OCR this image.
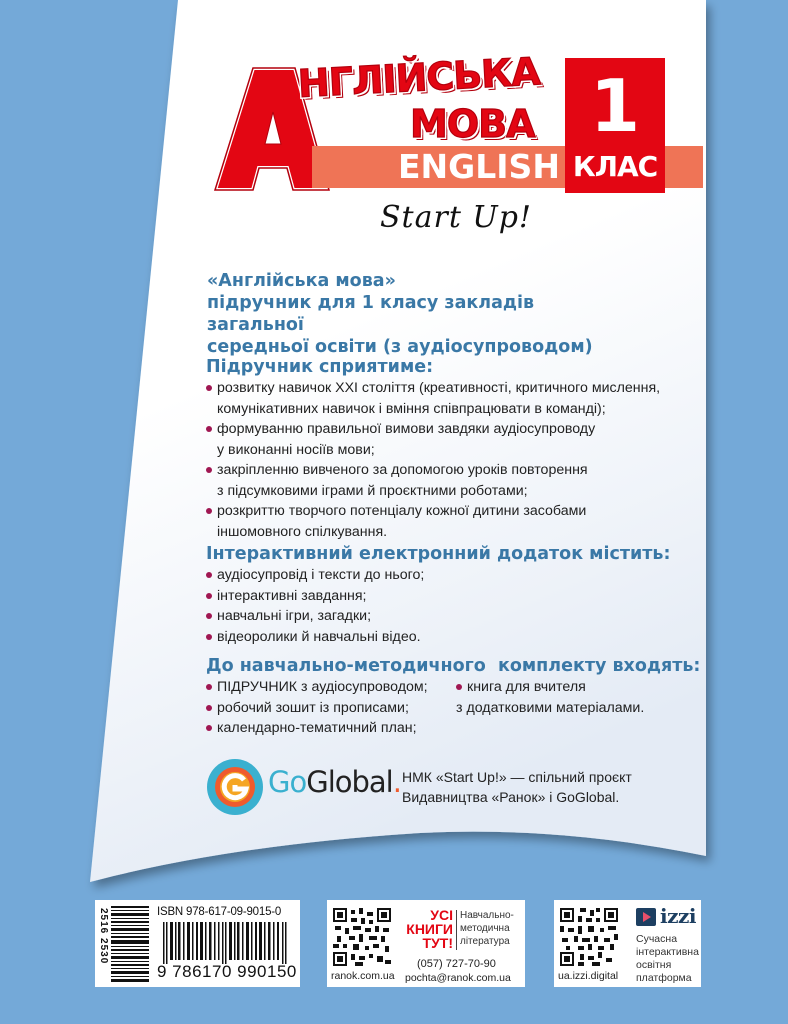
НГЛІЙСЬКА
МОВА
ENGLISH
1
КЛАС
Start Up!
«Англійська мова»
підручник для 1 класу закладів загальної
середньої освіти (з аудіосупроводом)
Підручник сприятиме:
розвитку навичок XXI століття (креативності, критичного мислення,
комунікативних навичок і вміння співпрацювати в команді);
формуванню правильної вимови завдяки аудіосупроводу
у виконанні носіїв мови;
закріпленню вивченого за допомогою уроків повторення
з підсумковими іграми й проєктними роботами;
розкриттю творчого потенціалу кожної дитини засобами
іншомовного спілкування.
Інтерактивний електронний додаток містить:
аудіосупровід і тексти до нього;
інтерактивні завдання;
навчальні ігри, загадки;
відеоролики й навчальні відео.
До навчально-методичного  комплекту входять:
ПІДРУЧНИК з аудіосупроводом;
робочий зошит із прописами;
календарно-тематичний план;
книга для вчителя
з додатковими матеріалами.
GoGlobal. НМК «Start Up!» — спільний проєкт
Видавництва «Ранок» і GoGlobal.
2516 2530	ISBN 978-617-09-9015-0
9 786170 990150
УСІ
КНИГИ
ТУТ!
Навчально-
методична
література
(057) 727-70-90
ranok.com.ua pochta@ranok.com.ua
izzi
Сучасна
інтерактивна
освітня
платформа
ua.izzi.digital
